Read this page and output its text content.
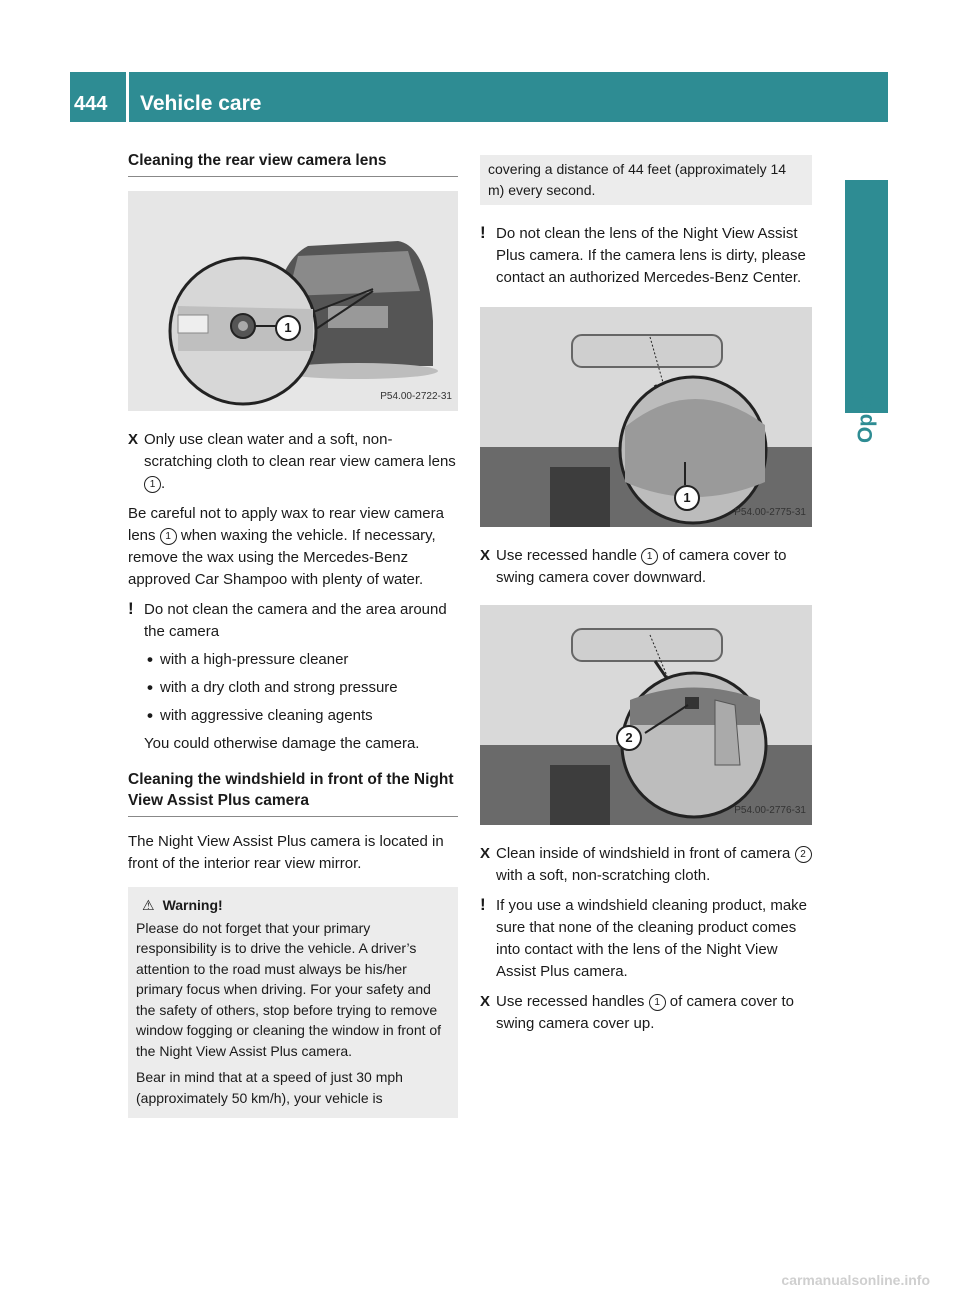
444	Vehicle care
Operation
Cleaning the rear view camera lens
1
P54.00-2722-31
X Only use clean water and a soft, non-scratching cloth to clean rear view camera lens 1 .

Be careful not to apply wax to rear view camera lens 1 when waxing the vehicle. If necessary, remove the wax using the Mercedes-Benz approved Car Shampoo with plenty of water.

! Do not clean the camera and the area around the camera
• with a high-pressure cleaner
• with a dry cloth and strong pressure
• with aggressive cleaning agents
You could otherwise damage the camera.
Cleaning the windshield in front of the Night View Assist Plus camera

The Night View Assist Plus camera is located in front of the interior rear view mirror.

⚠ Warning!

Please do not forget that your primary responsibility is to drive the vehicle. A driver’s attention to the road must always be his/her primary focus when driving. For your safety and the safety of others, stop before trying to remove window fogging or cleaning the window in front of the Night View Assist Plus camera.

Bear in mind that at a speed of just 30 mph (approximately 50 km/h), your vehicle is

covering a distance of 44 feet (approximately 14 m) every second.
! Do not clean the lens of the Night View Assist Plus camera. If the camera lens is dirty, please contact an authorized Mercedes-Benz Center.
1
P54.00-2775-31
X Use recessed handle 1 of camera cover to swing camera cover downward.
2
P54.00-2776-31
X Clean inside of windshield in front of camera 2 with a soft, non-scratching cloth.
! If you use a windshield cleaning product, make sure that none of the cleaning product comes into contact with the lens of the Night View Assist Plus camera.
X Use recessed handles 1 of camera cover to swing camera cover up.
carmanualsonline.info
